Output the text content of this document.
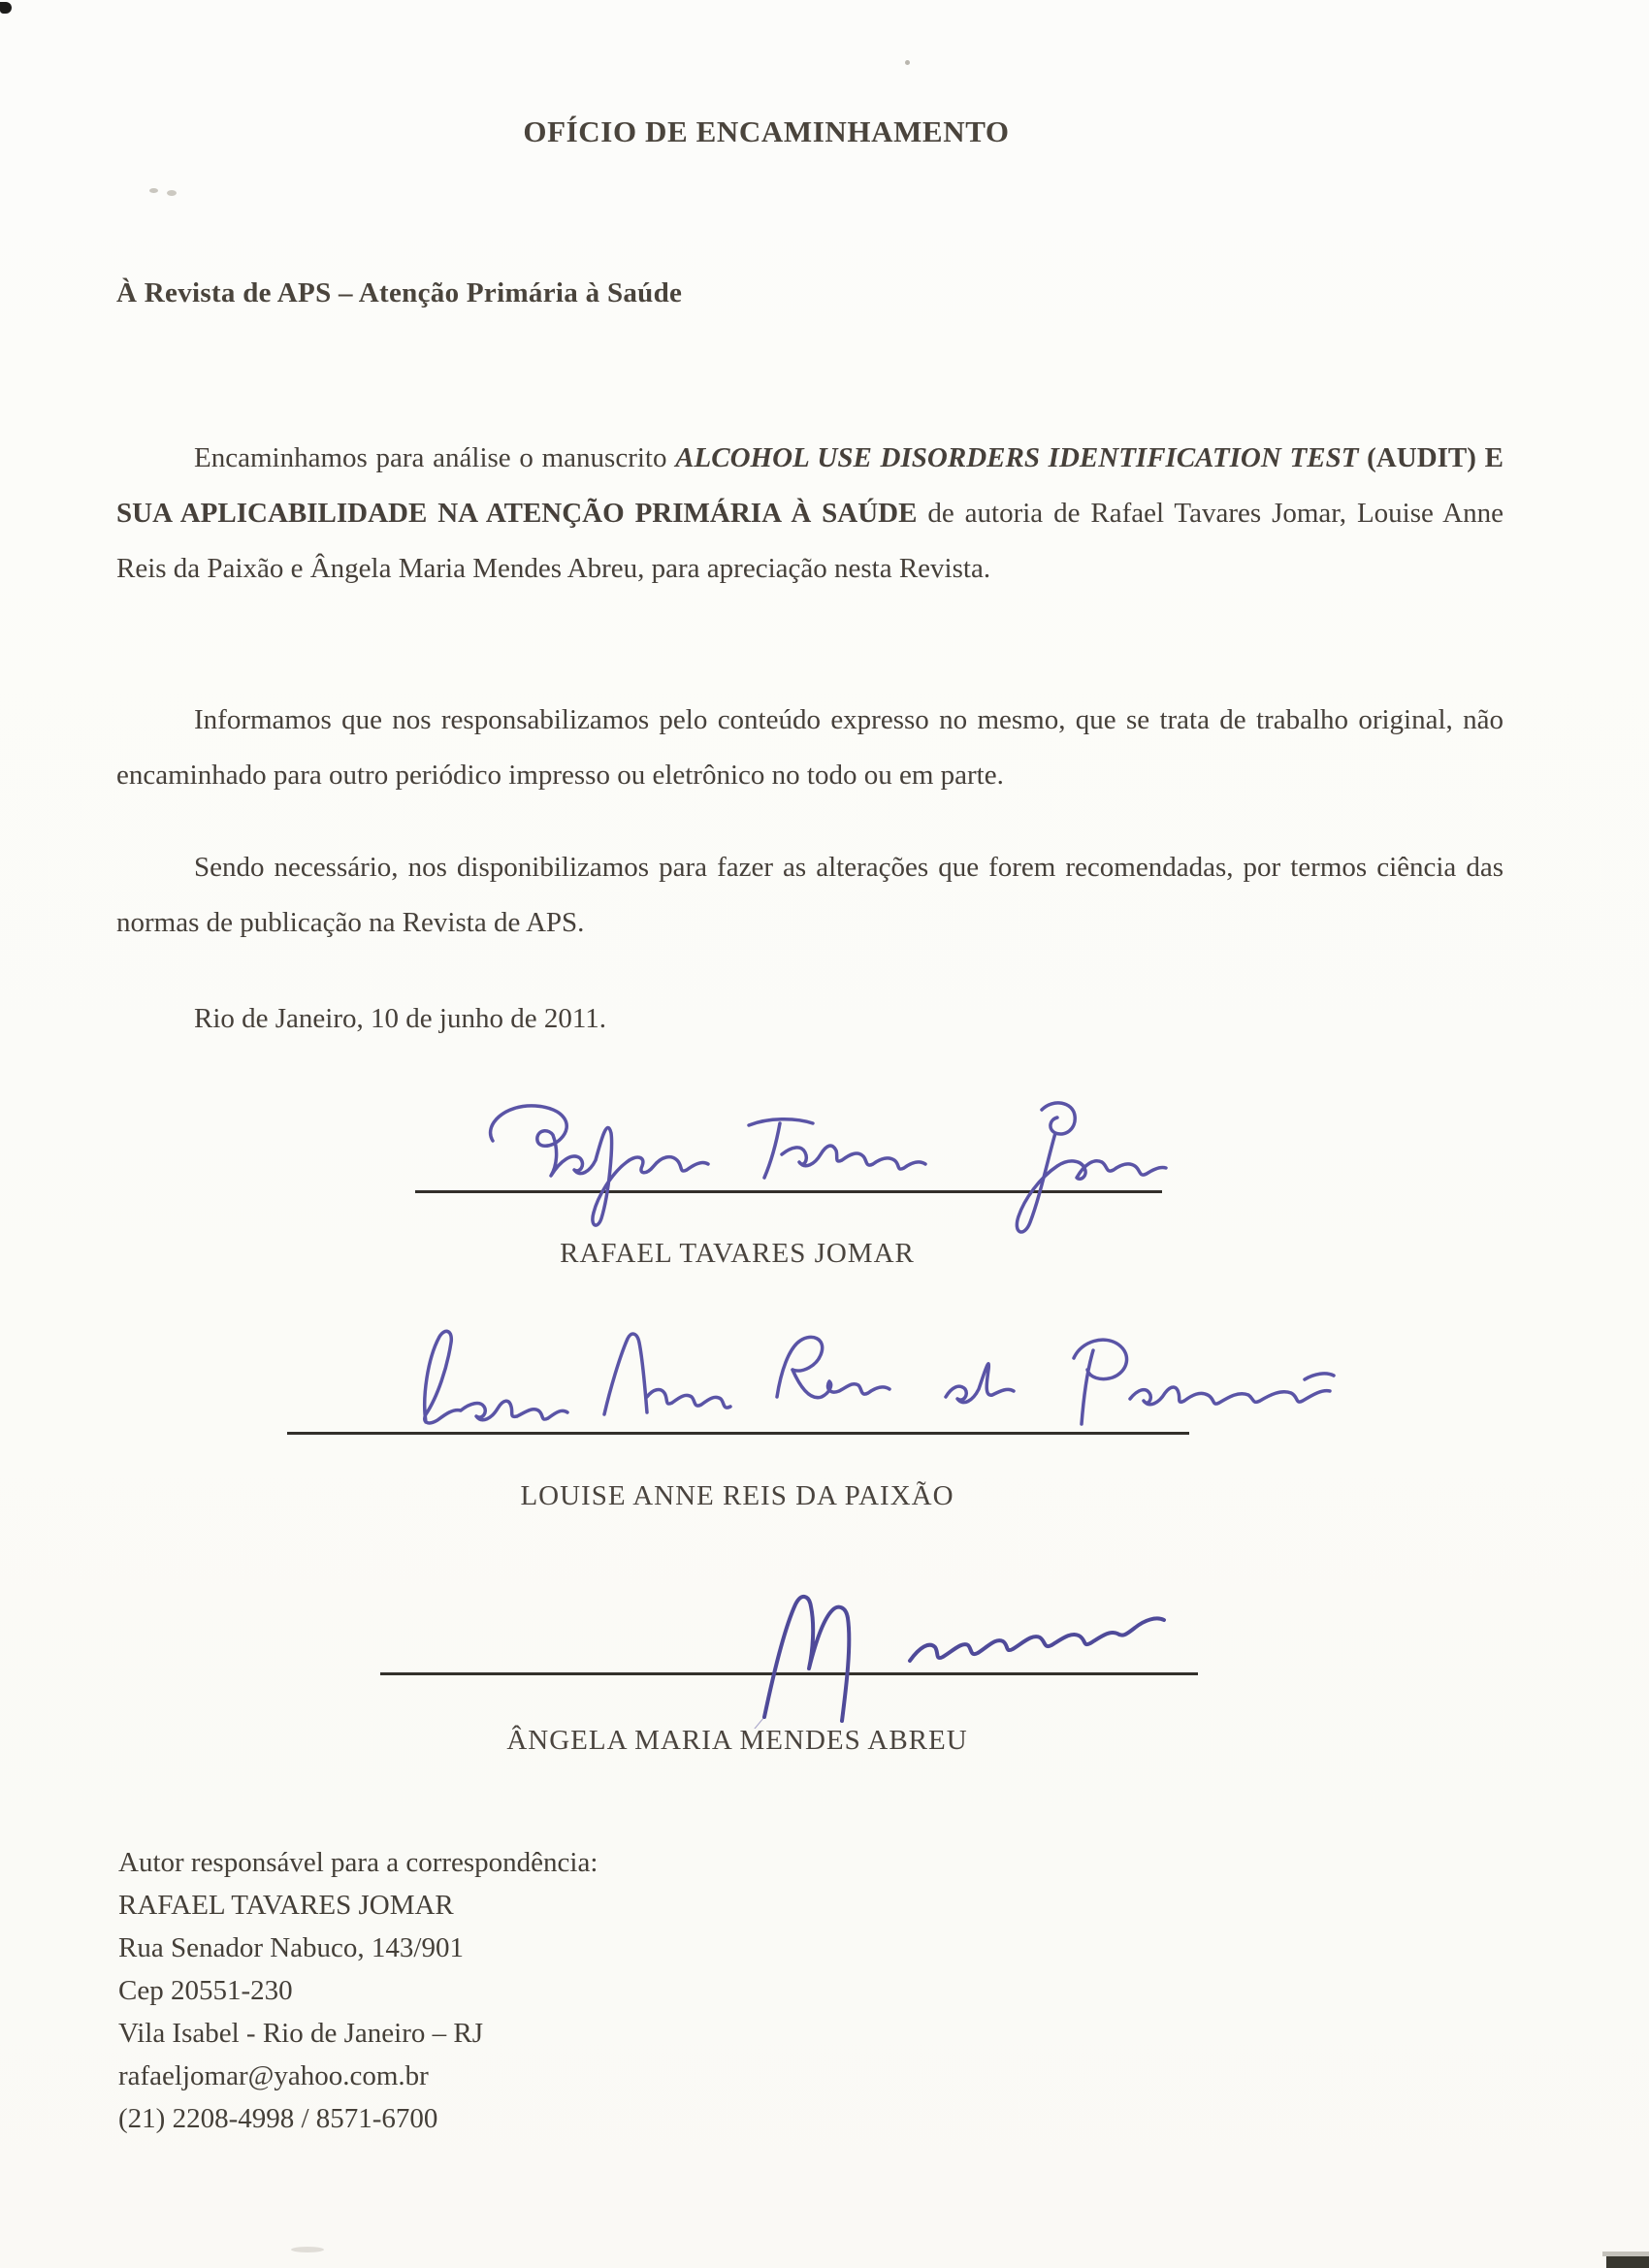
OFÍCIO DE ENCAMINHAMENTO
À Revista de APS – Atenção Primária à Saúde
Encaminhamos para análise o manuscrito ALCOHOL USE DISORDERS IDENTIFICATION TEST (AUDIT) E SUA APLICABILIDADE NA ATENÇÃO PRIMÁRIA À SAÚDE de autoria de Rafael Tavares Jomar, Louise Anne Reis da Paixão e Ângela Maria Mendes Abreu, para apreciação nesta Revista.
Informamos que nos responsabilizamos pelo conteúdo expresso no mesmo, que se trata de trabalho original, não encaminhado para outro periódico impresso ou eletrônico no todo ou em parte.
Sendo necessário, nos disponibilizamos para fazer as alterações que forem recomendadas, por termos ciência das normas de publicação na Revista de APS.
Rio de Janeiro, 10 de junho de 2011.
RAFAEL TAVARES JOMAR
LOUISE ANNE REIS DA PAIXÃO
ÂNGELA MARIA MENDES ABREU
Autor responsável para a correspondência:
RAFAEL TAVARES JOMAR
Rua Senador Nabuco, 143/901
Cep 20551-230
Vila Isabel - Rio de Janeiro – RJ
rafaeljomar@yahoo.com.br
(21) 2208-4998 / 8571-6700
